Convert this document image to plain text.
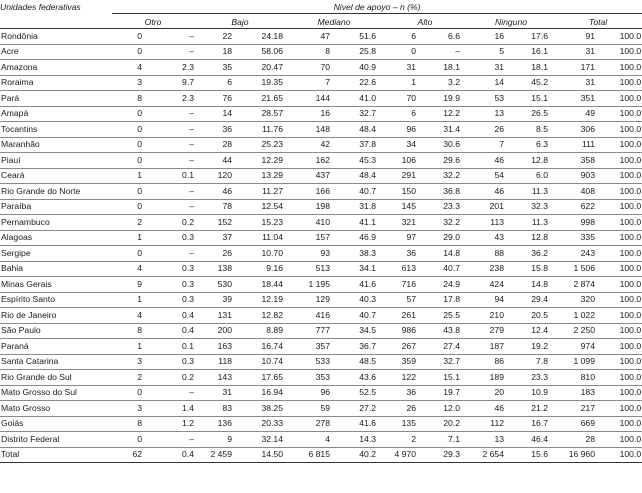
Unidades federativas	Nivel de apoyo – n (%)											
	Otro		Bajo		Mediano		Alto		Ninguno		Total	
Rondônia	0	–	22	24.18	47	51.6	6	6.6	16	17.6	91	100.0
Acre	0	–	18	58.06	8	25.8	0	–	5	16.1	31	100.0
Amazona	4	2.3	35	20.47	70	40.9	31	18.1	31	18.1	171	100.0
Roraima	3	9.7	6	19.35	7	22.6	1	3.2	14	45.2	31	100.0
Pará	8	2.3	76	21.65	144	41.0	70	19.9	53	15.1	351	100.0
Amapá	0	–	14	28.57	16	32.7	6	12.2	13	26.5	49	100.0
Tocantins	0	–	36	11.76	148	48.4	96	31.4	26	8.5	306	100.0
Maranhão	0	–	28	25.23	42	37.8	34	30.6	7	6.3	111	100.0
Piauí	0	–	44	12.29	162	45.3	106	29.6	46	12.8	358	100.0
Ceará	1	0.1	120	13.29	437	48.4	291	32.2	54	6.0	903	100.0
Rio Grande do Norte	0	–	46	11.27	166	40.7	150	36.8	46	11.3	408	100.0
Paraíba	0	–	78	12.54	198	31.8	145	23.3	201	32.3	622	100.0
Pernambuco	2	0.2	152	15.23	410	41.1	321	32.2	113	11.3	998	100.0
Alagoas	1	0.3	37	11.04	157	46.9	97	29.0	43	12.8	335	100.0
Sergipe	0	–	26	10.70	93	38.3	36	14.8	88	36.2	243	100.0
Bahia	4	0.3	138	9.16	513	34.1	613	40.7	238	15.8	1 506	100.0
Minas Gerais	9	0.3	530	18.44	1 195	41.6	716	24.9	424	14.8	2 874	100.0
Espírito Santo	1	0.3	39	12.19	129	40.3	57	17.8	94	29.4	320	100.0
Rio de Janeiro	4	0.4	131	12.82	416	40.7	261	25.5	210	20.5	1 022	100.0
São Paulo	8	0.4	200	8.89	777	34.5	986	43.8	279	12.4	2 250	100.0
Paraná	1	0.1	163	16.74	357	36.7	267	27.4	187	19.2	974	100.0
Santa Catarina	3	0.3	118	10.74	533	48.5	359	32.7	86	7.8	1 099	100.0
Rio Grande do Sul	2	0.2	143	17.65	353	43.6	122	15.1	189	23.3	810	100.0
Mato Grosso do Sul	0	–	31	16.94	96	52.5	36	19.7	20	10.9	183	100.0
Mato Grosso	3	1.4	83	38.25	59	27.2	26	12.0	46	21.2	217	100.0
Goiás	8	1.2	136	20.33	278	41.6	135	20.2	112	16.7	669	100.0
Distrito Federal	0	–	9	32.14	4	14.3	2	7.1	13	46.4	28	100.0
Total	62	0.4	2 459	14.50	6 815	40.2	4 970	29.3	2 654	15.6	16 960	100.0
